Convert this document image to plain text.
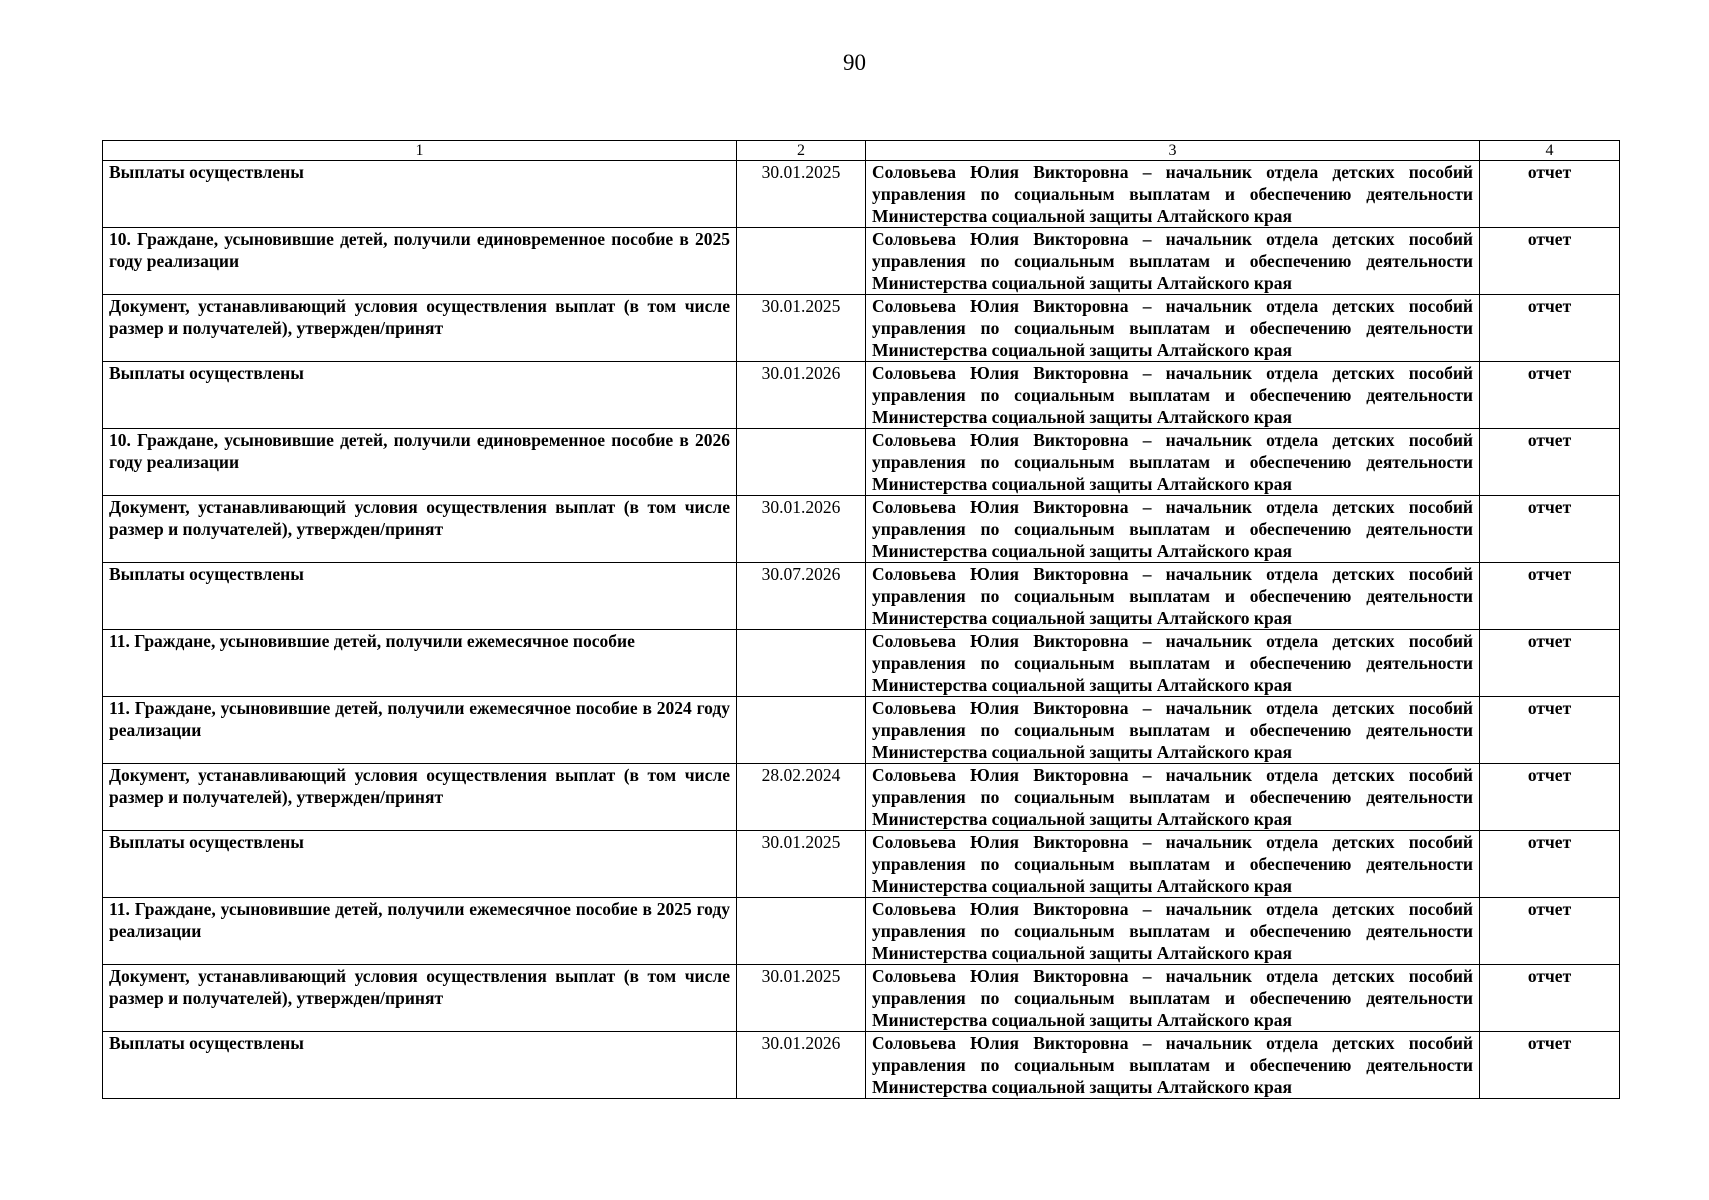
90
1	2	3	4
Выплаты осуществлены	30.01.2025	Соловьева Юлия Викторовна – начальник отдела детских пособий управления по социальным выплатам и обеспечению деятельности Министерства социальной защиты Алтайского края	отчет
10. Граждане, усыновившие детей, получили единовременное пособие в 2025 году реализации		Соловьева Юлия Викторовна – начальник отдела детских пособий управления по социальным выплатам и обеспечению деятельности Министерства социальной защиты Алтайского края	отчет
Документ, устанавливающий условия осуществления выплат (в том числе размер и получателей), утвержден/принят	30.01.2025	Соловьева Юлия Викторовна – начальник отдела детских пособий управления по социальным выплатам и обеспечению деятельности Министерства социальной защиты Алтайского края	отчет
Выплаты осуществлены	30.01.2026	Соловьева Юлия Викторовна – начальник отдела детских пособий управления по социальным выплатам и обеспечению деятельности Министерства социальной защиты Алтайского края	отчет
10. Граждане, усыновившие детей, получили единовременное пособие в 2026 году реализации		Соловьева Юлия Викторовна – начальник отдела детских пособий управления по социальным выплатам и обеспечению деятельности Министерства социальной защиты Алтайского края	отчет
Документ, устанавливающий условия осуществления выплат (в том числе размер и получателей), утвержден/принят	30.01.2026	Соловьева Юлия Викторовна – начальник отдела детских пособий управления по социальным выплатам и обеспечению деятельности Министерства социальной защиты Алтайского края	отчет
Выплаты осуществлены	30.07.2026	Соловьева Юлия Викторовна – начальник отдела детских пособий управления по социальным выплатам и обеспечению деятельности Министерства социальной защиты Алтайского края	отчет
11. Граждане, усыновившие детей, получили ежемесячное пособие		Соловьева Юлия Викторовна – начальник отдела детских пособий управления по социальным выплатам и обеспечению деятельности Министерства социальной защиты Алтайского края	отчет
11. Граждане, усыновившие детей, получили ежемесячное пособие в 2024 году реализации		Соловьева Юлия Викторовна – начальник отдела детских пособий управления по социальным выплатам и обеспечению деятельности Министерства социальной защиты Алтайского края	отчет
Документ, устанавливающий условия осуществления выплат (в том числе размер и получателей), утвержден/принят	28.02.2024	Соловьева Юлия Викторовна – начальник отдела детских пособий управления по социальным выплатам и обеспечению деятельности Министерства социальной защиты Алтайского края	отчет
Выплаты осуществлены	30.01.2025	Соловьева Юлия Викторовна – начальник отдела детских пособий управления по социальным выплатам и обеспечению деятельности Министерства социальной защиты Алтайского края	отчет
11. Граждане, усыновившие детей, получили ежемесячное пособие в 2025 году реализации		Соловьева Юлия Викторовна – начальник отдела детских пособий управления по социальным выплатам и обеспечению деятельности Министерства социальной защиты Алтайского края	отчет
Документ, устанавливающий условия осуществления выплат (в том числе размер и получателей), утвержден/принят	30.01.2025	Соловьева Юлия Викторовна – начальник отдела детских пособий управления по социальным выплатам и обеспечению деятельности Министерства социальной защиты Алтайского края	отчет
Выплаты осуществлены	30.01.2026	Соловьева Юлия Викторовна – начальник отдела детских пособий управления по социальным выплатам и обеспечению деятельности Министерства социальной защиты Алтайского края	отчет
